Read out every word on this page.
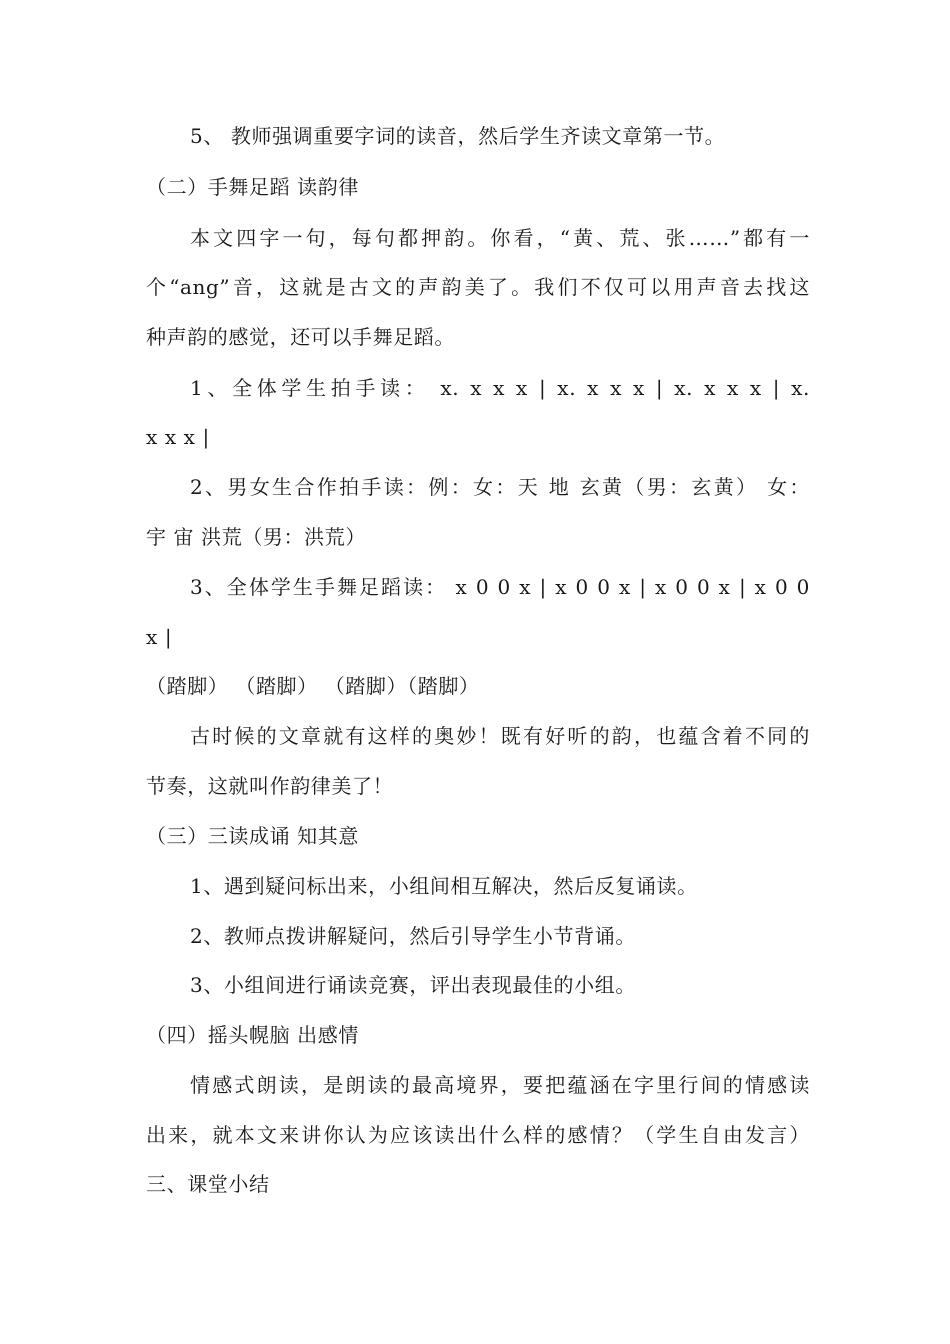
5、 教师强调重要字词的读音，然后学生齐读文章第一节。
（二）手舞足蹈 读韵律
本文四字一句，每句都押韵。你看，“黄、荒、张……”都有一
个“ang”音，这就是古文的声韵美了。我们不仅可以用声音去找这
种声韵的感觉，还可以手舞足蹈。
1、全体学生拍手读： x. x x x | x. x x x | x. x x x | x.
x x x |
2、男女生合作拍手读：例：女：天 地 玄黄（男：玄黄） 女：
宇 宙 洪荒（男：洪荒）
3、全体学生手舞足蹈读： x 0 0 x | x 0 0 x | x 0 0 x | x 0 0
x |
（踏脚） （踏脚） （踏脚）（踏脚）
古时候的文章就有这样的奥妙！既有好听的韵，也蕴含着不同的
节奏，这就叫作韵律美了！
（三）三读成诵 知其意
1、遇到疑问标出来，小组间相互解决，然后反复诵读。
2、教师点拨讲解疑问，然后引导学生小节背诵。
3、小组间进行诵读竞赛，评出表现最佳的小组。
（四）摇头幌脑 出感情
情感式朗读，是朗读的最高境界，要把蕴涵在字里行间的情感读
出来，就本文来讲你认为应该读出什么样的感情？（学生自由发言）
三、课堂小结
